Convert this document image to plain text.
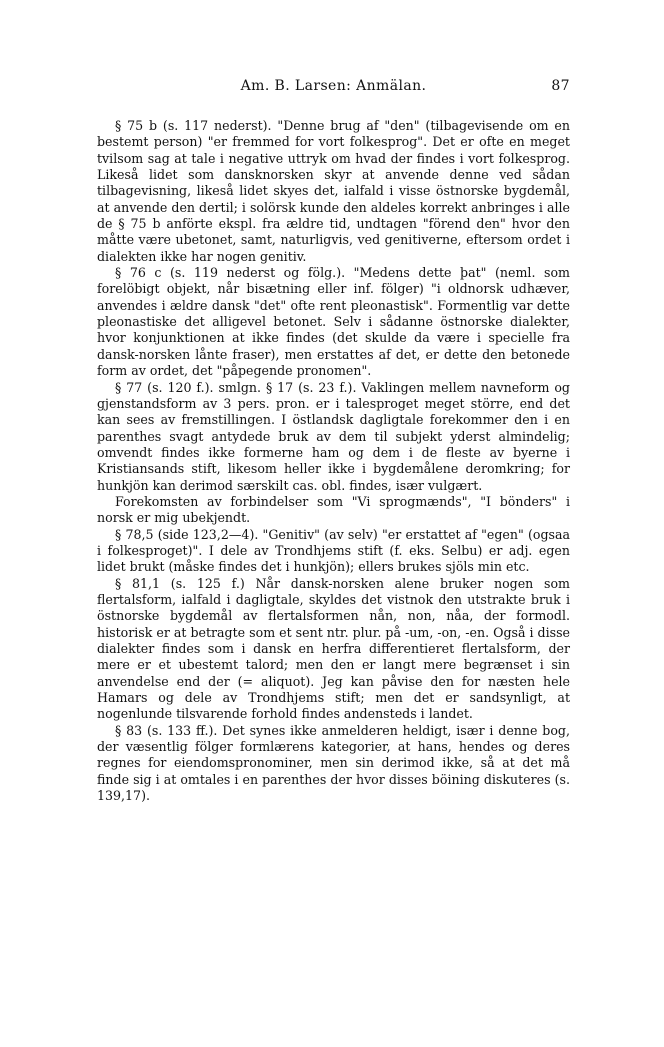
Am. B. Larsen: Anmälan.	87

§ 75 b (s. 117 nederst). "Denne brug af "den" (tilbagevisende om en bestemt person) "er fremmed for vort folkesprog". Det er ofte en meget tvilsom sag at tale i negative uttryk om hvad der findes i vort folkesprog. Likeså lidet som dansknorsken skyr at anvende denne ved sådan tilbagevisning, likeså lidet skyes det, ialfald i visse östnorske bygdemål, at anvende den dertil; i solörsk kunde den aldeles korrekt anbringes i alle de § 75 b anförte ekspl. fra ældre tid, undtagen "förend den" hvor den måtte være ubetonet, samt, naturligvis, ved genitiverne, eftersom ordet i dialekten ikke har nogen genitiv.

§ 76 c (s. 119 nederst og fölg.). "Medens dette þat" (neml. som forelöbigt objekt, når bisætning eller inf. fölger) "i oldnorsk udhæver, anvendes i ældre dansk "det" ofte rent pleonastisk". Formentlig var dette pleonastiske det alligevel betonet. Selv i sådanne östnorske dialekter, hvor konjunktionen at ikke findes (det skulde da være i specielle fra dansk-norsken lånte fraser), men erstattes af det, er dette den betonede form av ordet, det "påpegende pronomen".

§ 77 (s. 120 f.). smlgn. § 17 (s. 23 f.). Vaklingen mellem navneform og gjenstandsform av 3 pers. pron. er i talesproget meget större, end det kan sees av fremstillingen. I östlandsk dagligtale forekommer den i en parenthes svagt antydede bruk av dem til subjekt yderst almindelig; omvendt findes ikke formerne ham og dem i de fleste av byerne i Kristiansands stift, likesom heller ikke i bygdemålene deromkring; for hunkjön kan derimod særskilt cas. obl. findes, især vulgært.

Forekomsten av forbindelser som "Vi sprogmænds", "I bönders" i norsk er mig ubekjendt.

§ 78,5 (side 123,2—4). "Genitiv" (av selv) "er erstattet af "egen" (ogsaa i folkesproget)". I dele av Trondhjems stift (f. eks. Selbu) er adj. egen lidet brukt (måske findes det i hunkjön); ellers brukes sjöls min etc.

§ 81,1 (s. 125 f.) Når dansk-norsken alene bruker nogen som flertalsform, ialfald i dagligtale, skyldes det vistnok den utstrakte bruk i östnorske bygdemål av flertalsformen nån, non, nåa, der formodl. historisk er at betragte som et sent ntr. plur. på -um, -on, -en. Også i disse dialekter findes som i dansk en herfra differentieret flertalsform, der mere er et ubestemt talord; men den er langt mere begrænset i sin anvendelse end der (= aliquot). Jeg kan påvise den for næsten hele Hamars og dele av Trondhjems stift; men det er sandsynligt, at nogenlunde tilsvarende forhold findes andensteds i landet.

§ 83 (s. 133 ff.). Det synes ikke anmelderen heldigt, især i denne bog, der væsentlig fölger formlærens kategorier, at hans, hendes og deres regnes for eiendomspronominer, men sin derimod ikke, så at det må finde sig i at omtales i en parenthes der hvor disses böining diskuteres (s. 139,17).
